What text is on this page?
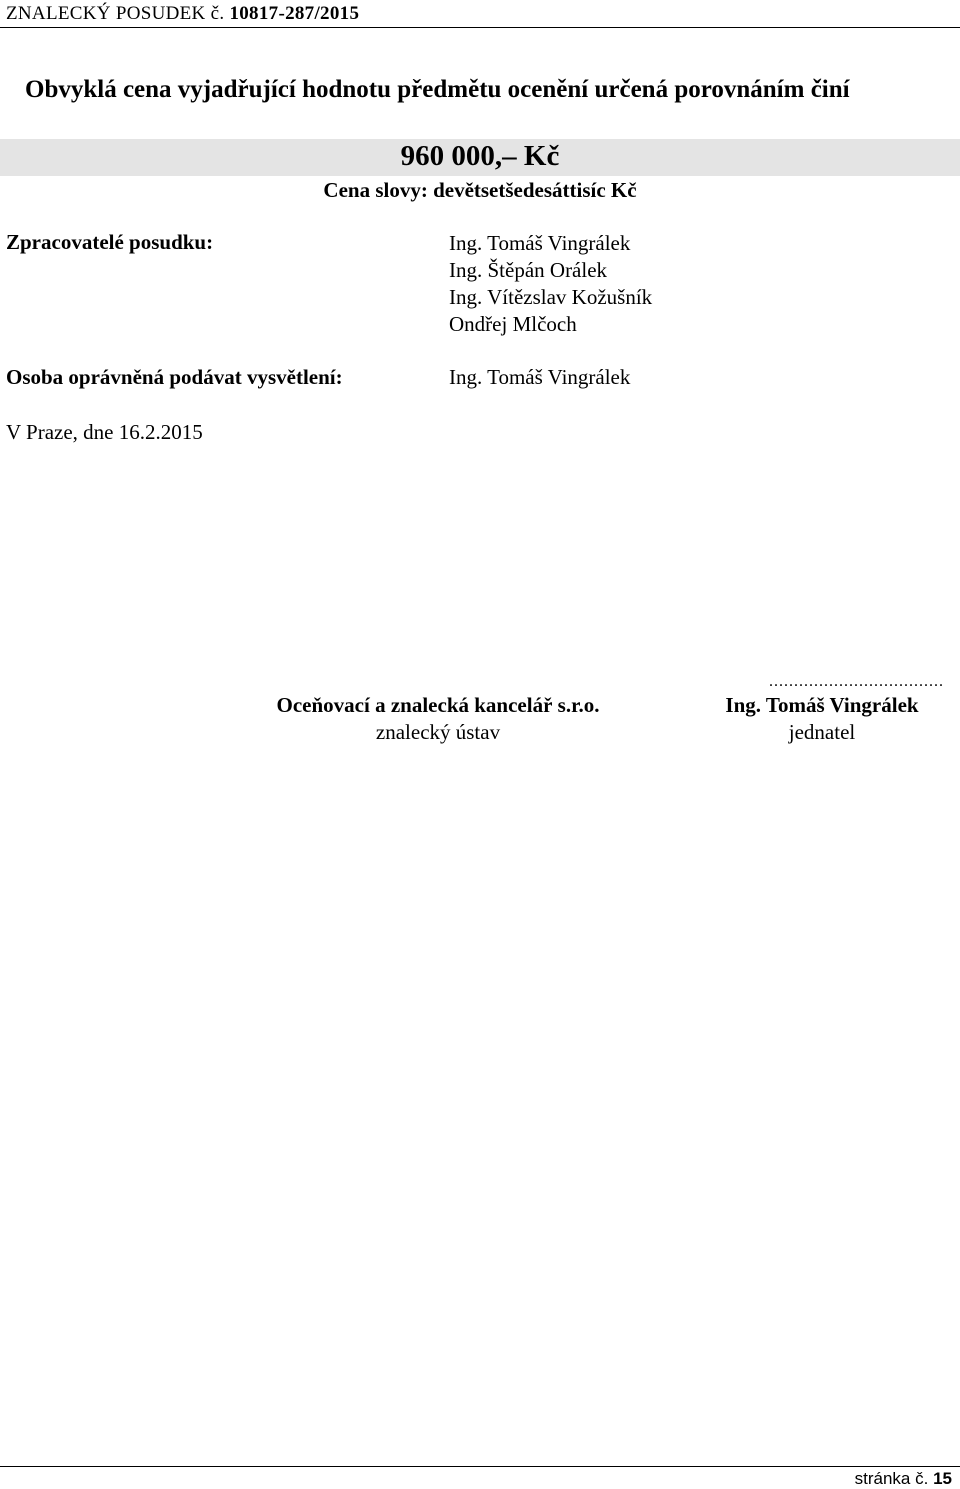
ZNALECKÝ POSUDEK č. 10817-287/2015
Obvyklá cena vyjadřující hodnotu předmětu ocenění určená porovnáním činí
960 000,– Kč
Cena slovy: devětsetšedesáttisíc Kč
Zpracovatelé posudku:	Ing. Tomáš Vingrálek
Ing. Štěpán Orálek
Ing. Vítězslav Kožušník
Ondřej Mlčoch
Osoba oprávněná podávat vysvětlení:	Ing. Tomáš Vingrálek
V Praze, dne 16.2.2015
Oceňovací a znalecká kancelář s.r.o.
znalecký ústav
...................................
Ing. Tomáš Vingrálek
jednatel
stránka č. 15
